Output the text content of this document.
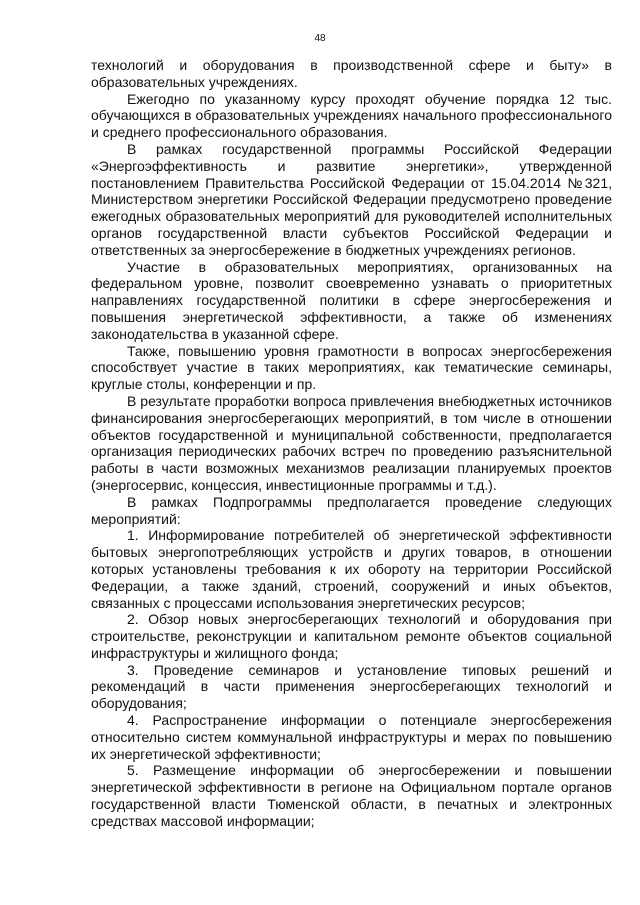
48

технологий и оборудования в производственной сфере и быту» в образовательных учреждениях.

Ежегодно по указанному курсу проходят обучение порядка 12 тыс. обучающихся в образовательных учреждениях начального профессионального и среднего профессионального образования.

В рамках государственной программы Российской Федерации «Энергоэффективность и развитие энергетики», утвержденной постановлением Правительства Российской Федерации от 15.04.2014 №321, Министерством энергетики Российской Федерации предусмотрено проведение ежегодных образовательных мероприятий для руководителей исполнительных органов государственной власти субъектов Российской Федерации и ответственных за энергосбережение в бюджетных учреждениях регионов.

Участие в образовательных мероприятиях, организованных на федеральном уровне, позволит своевременно узнавать о приоритетных направлениях государственной политики в сфере энергосбережения и повышения энергетической эффективности, а также об изменениях законодательства в указанной сфере.

Также, повышению уровня грамотности в вопросах энергосбережения способствует участие в таких мероприятиях, как тематические семинары, круглые столы, конференции и пр.

В результате проработки вопроса привлечения внебюджетных источников финансирования энергосберегающих мероприятий, в том числе в отношении объектов государственной и муниципальной собственности, предполагается организация периодических рабочих встреч по проведению разъяснительной работы в части возможных механизмов реализации планируемых проектов (энергосервис, концессия, инвестиционные программы и т.д.).

В рамках Подпрограммы предполагается проведение следующих мероприятий:

1. Информирование потребителей об энергетической эффективности бытовых энергопотребляющих устройств и других товаров, в отношении которых установлены требования к их обороту на территории Российской Федерации, а также зданий, строений, сооружений и иных объектов, связанных с процессами использования энергетических ресурсов;

2. Обзор новых энергосберегающих технологий и оборудования при строительстве, реконструкции и капитальном ремонте объектов социальной инфраструктуры и жилищного фонда;

3. Проведение семинаров и установление типовых решений и рекомендаций в части применения энергосберегающих технологий и оборудования;

4. Распространение информации о потенциале энергосбережения относительно систем коммунальной инфраструктуры и мерах по повышению их энергетической эффективности;

5. Размещение информации об энергосбережении и повышении энергетической эффективности в регионе на Официальном портале органов государственной власти Тюменской области, в печатных и электронных средствах массовой информации;
